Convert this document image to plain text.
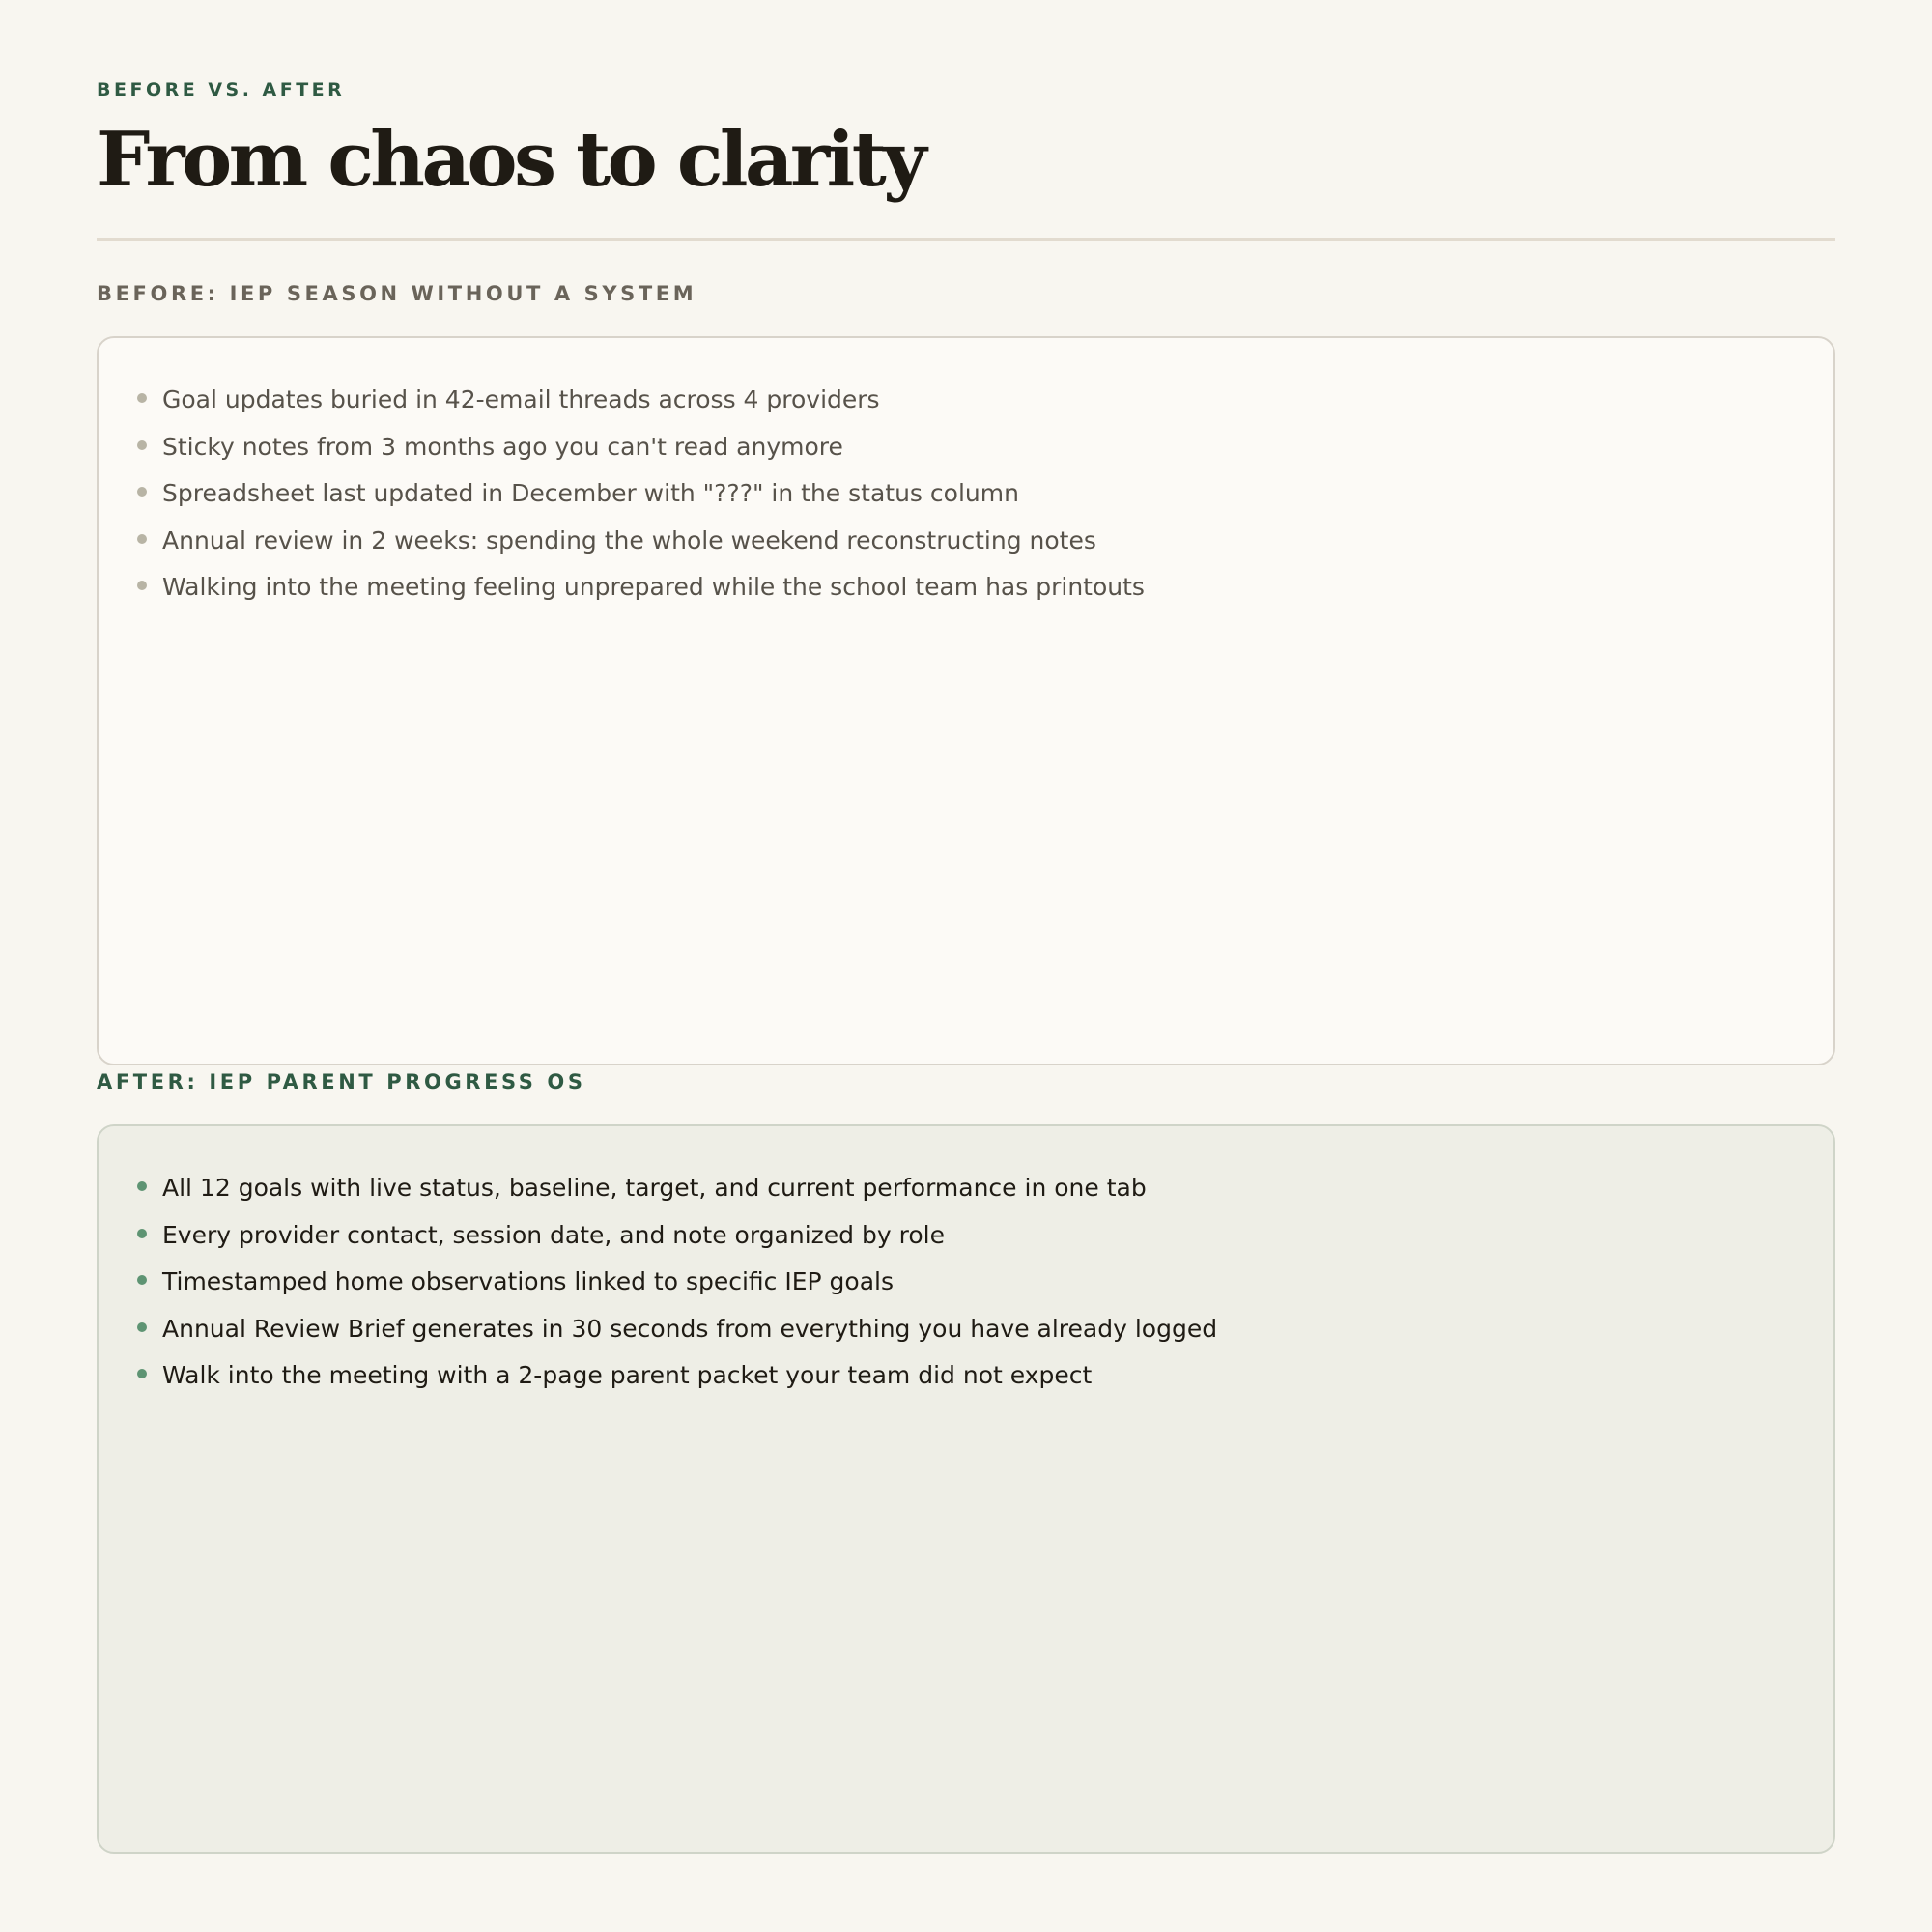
BEFORE VS. AFTER
From chaos to clarity
BEFORE: IEP SEASON WITHOUT A SYSTEM
Goal updates buried in 42-email threads across 4 providers
Sticky notes from 3 months ago you can't read anymore
Spreadsheet last updated in December with "???" in the status column
Annual review in 2 weeks: spending the whole weekend reconstructing notes
Walking into the meeting feeling unprepared while the school team has printouts
AFTER: IEP PARENT PROGRESS OS
All 12 goals with live status, baseline, target, and current performance in one tab
Every provider contact, session date, and note organized by role
Timestamped home observations linked to specific IEP goals
Annual Review Brief generates in 30 seconds from everything you have already logged
Walk into the meeting with a 2-page parent packet your team did not expect
